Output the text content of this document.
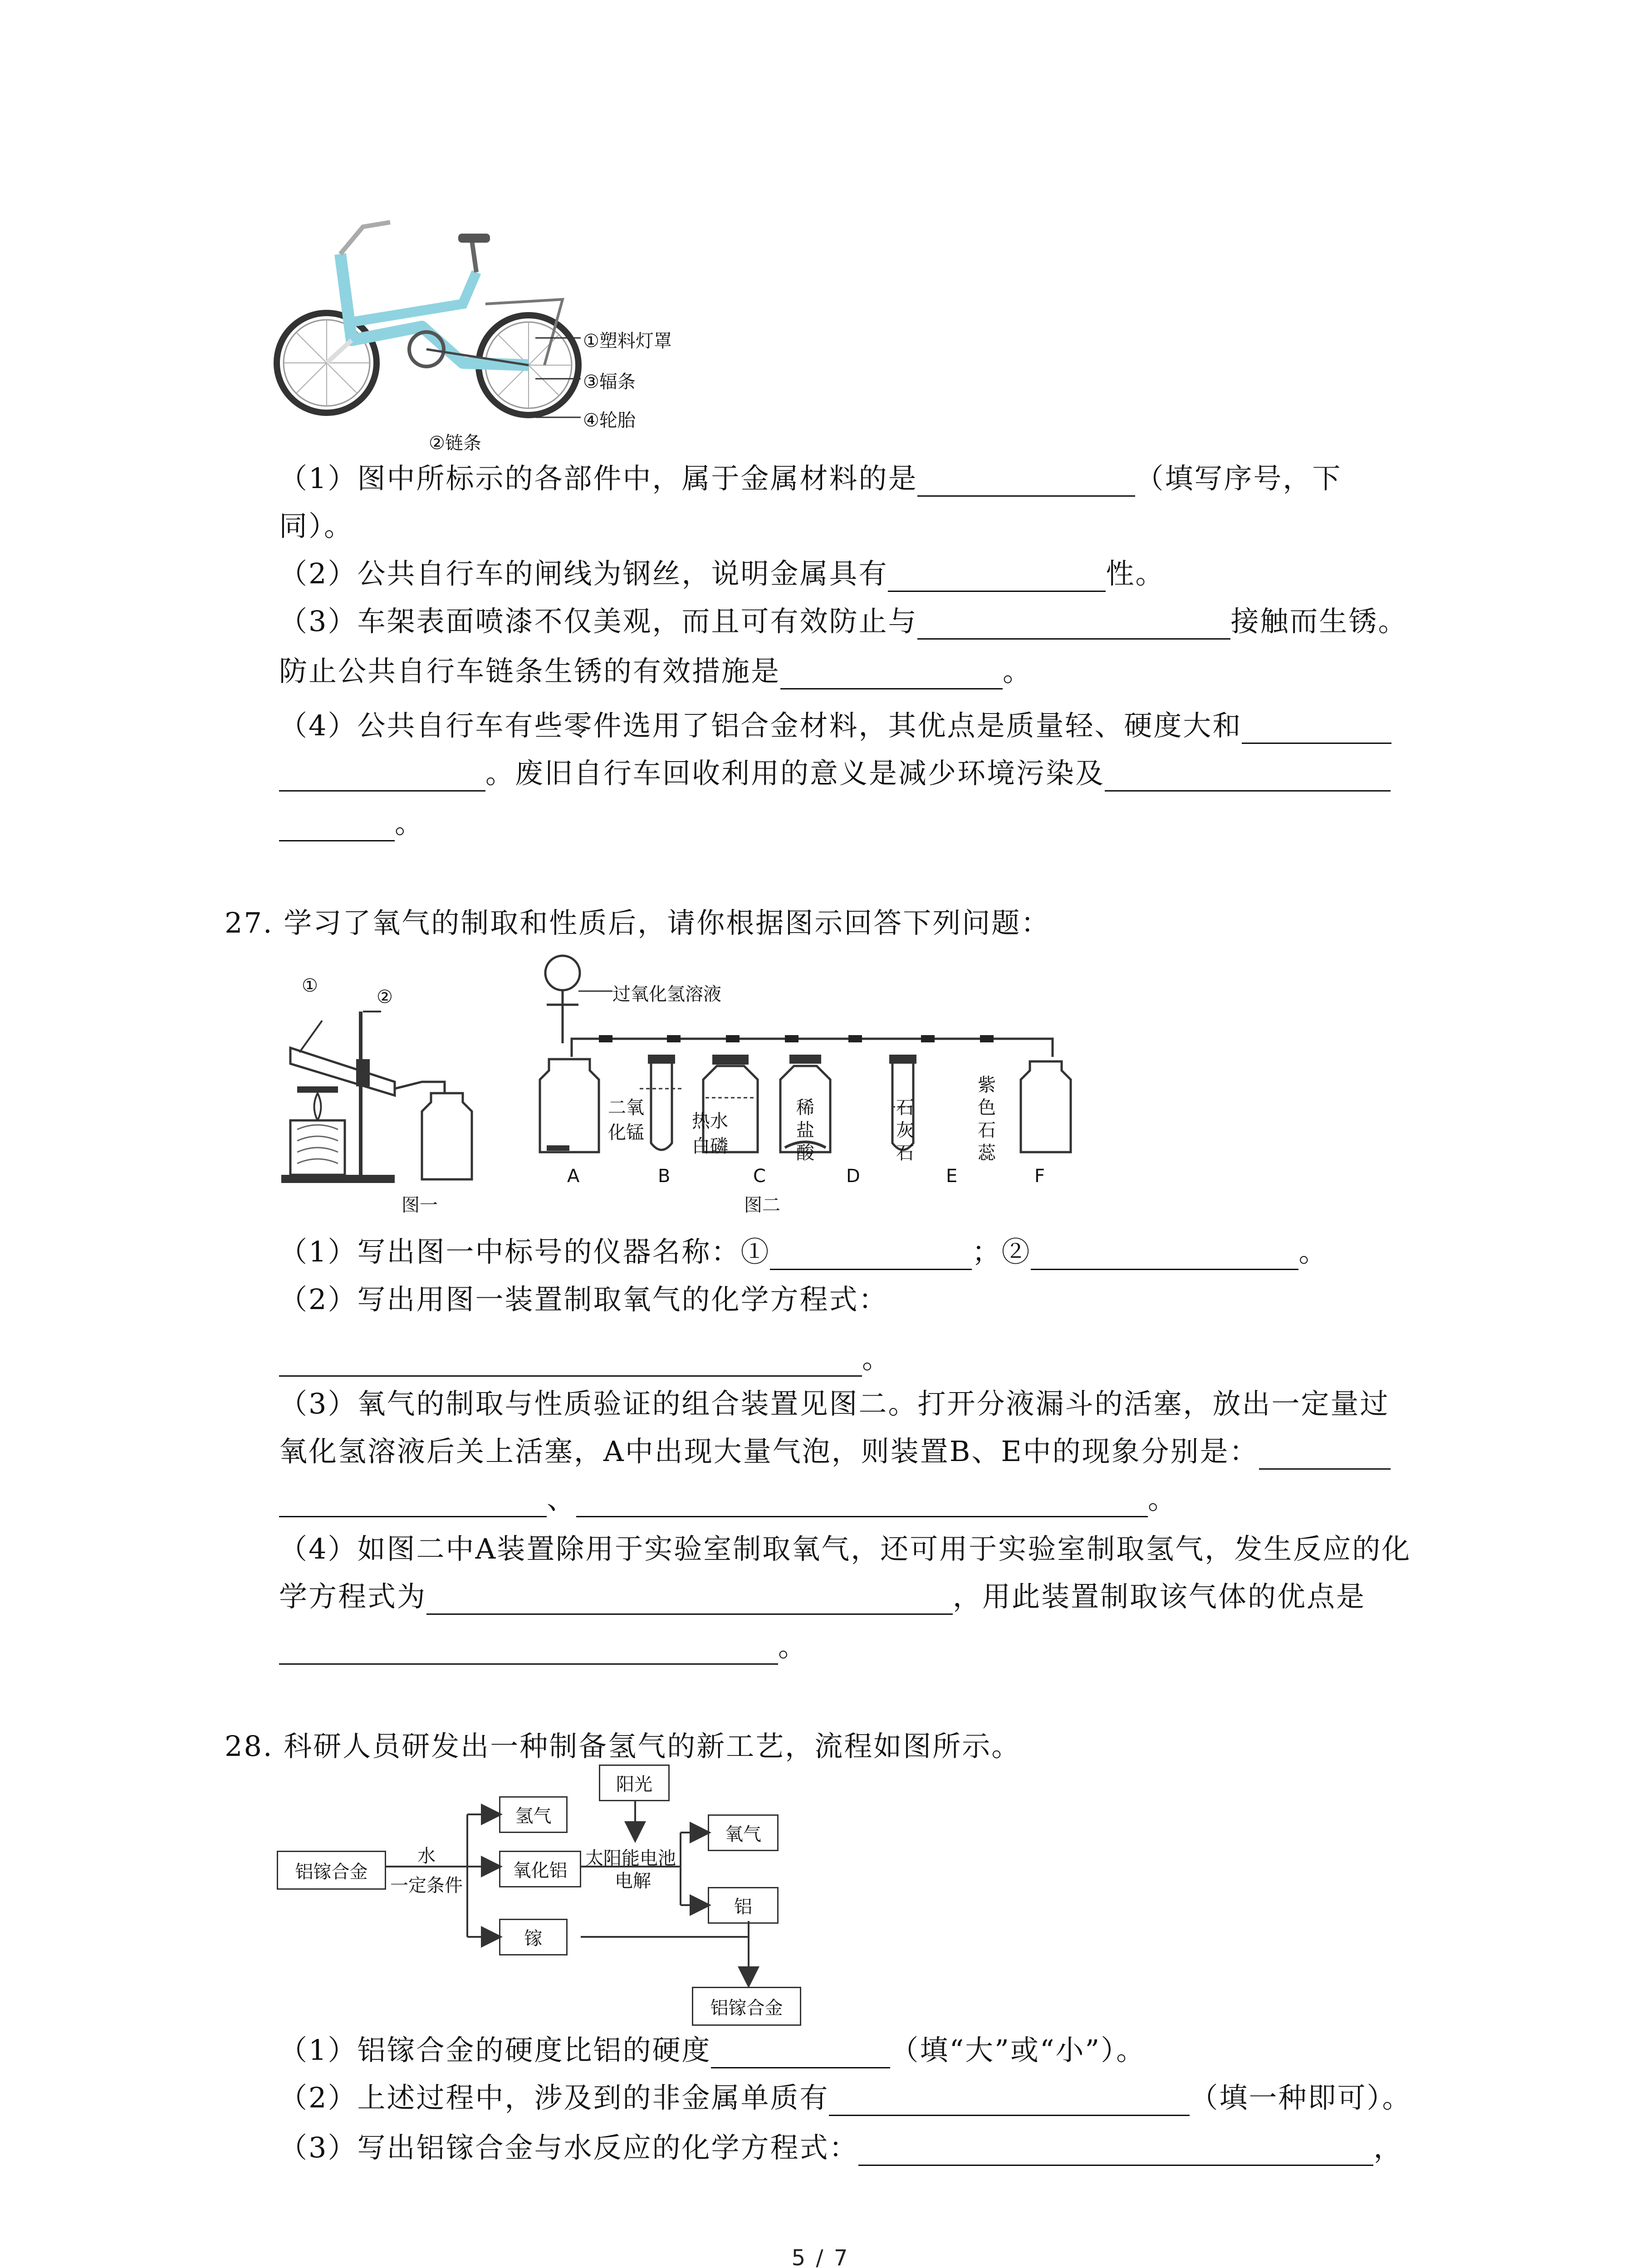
①塑料灯罩
③辐条
④轮胎
②链条
（1）图中所标示的各部件中，属于金属材料的是	（填写序号，下
同）。
（2）公共自行车的闸线为钢丝，说明金属具有	性。
（3）车架表面喷漆不仅美观，而且可有效防止与	接触而生锈。
防止公共自行车链条生锈的有效措施是	。
（4）公共自行车有些零件选用了铝合金材料，其优点是质量轻、硬度大和
。废旧自行车回收利用的意义是减少环境污染及
。
27. 学习了氧气的制取和性质后，请你根据图示回答下列问题：
①
②
图一
过氧化氢溶液
二氧
化锰
热水
白磷
稀
盐
酸
石
灰
石
紫
色
石
蕊
A	B	C	D	E	F
图二
（1）写出图一中标号的仪器名称：①	；②	。
（2）写出用图一装置制取氧气的化学方程式：
。
（3）氧气的制取与性质验证的组合装置见图二。打开分液漏斗的活塞，放出一定量过
氧化氢溶液后关上活塞，A中出现大量气泡，则装置B、E中的现象分别是：
、	。
（4）如图二中A装置除用于实验室制取氧气，还可用于实验室制取氢气，发生反应的化
学方程式为	，用此装置制取该气体的优点是
。
28. 科研人员研发出一种制备氢气的新工艺，流程如图所示。
铝镓合金
水
一定条件
氢气
氧化铝
镓
阳光
太阳能电池
电解
氧气
铝
铝镓合金
（1）铝镓合金的硬度比铝的硬度	（填“大”或“小”）。
（2）上述过程中，涉及到的非金属单质有	（填一种即可）。
（3）写出铝镓合金与水反应的化学方程式：	，
5 / 7
